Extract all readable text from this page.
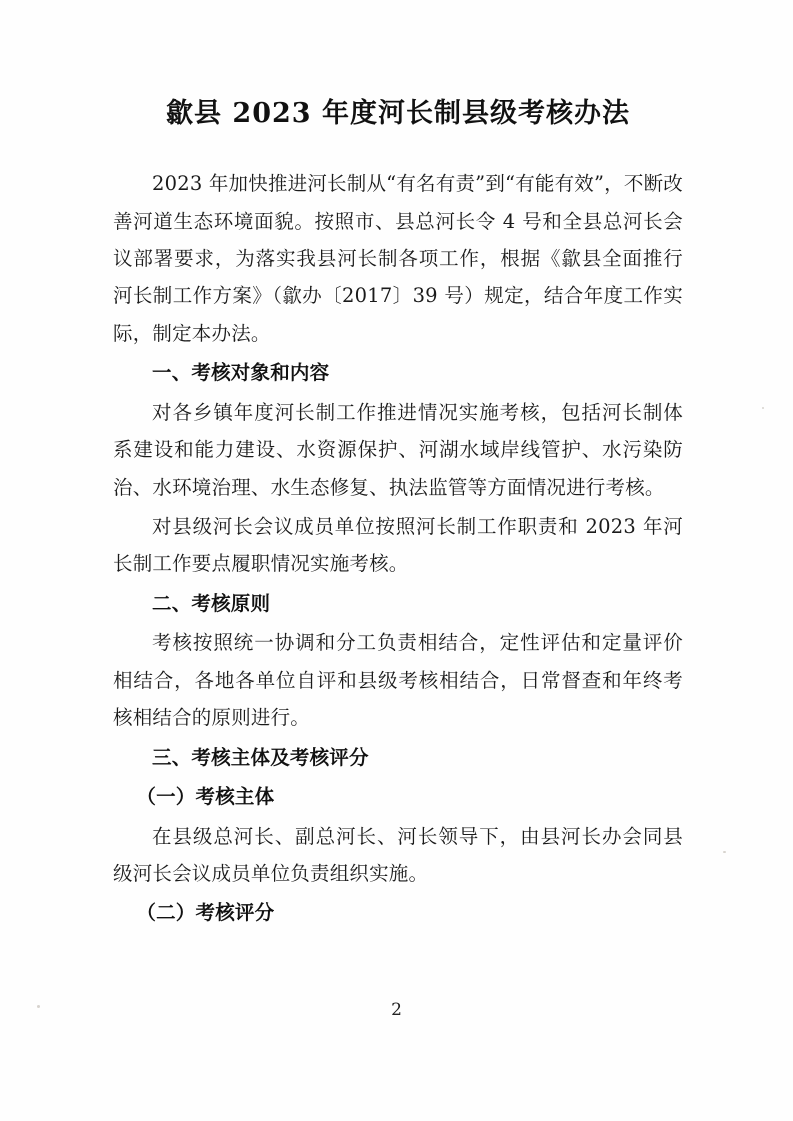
歙县 2023 年度河长制县级考核办法

2023 年加快推进河长制从“有名有责”到“有能有效”，不断改善河道生态环境面貌。按照市、县总河长令 4 号和全县总河长会议部署要求，为落实我县河长制各项工作，根据《歙县全面推行河长制工作方案》（歙办〔2017〕39 号）规定，结合年度工作实际，制定本办法。

一、考核对象和内容

对各乡镇年度河长制工作推进情况实施考核，包括河长制体系建设和能力建设、水资源保护、河湖水域岸线管护、水污染防治、水环境治理、水生态修复、执法监管等方面情况进行考核。

对县级河长会议成员单位按照河长制工作职责和 2023 年河长制工作要点履职情况实施考核。

二、考核原则

考核按照统一协调和分工负责相结合，定性评估和定量评价相结合，各地各单位自评和县级考核相结合，日常督查和年终考核相结合的原则进行。

三、考核主体及考核评分

（一）考核主体

在县级总河长、副总河长、河长领导下，由县河长办会同县级河长会议成员单位负责组织实施。

（二）考核评分

2
